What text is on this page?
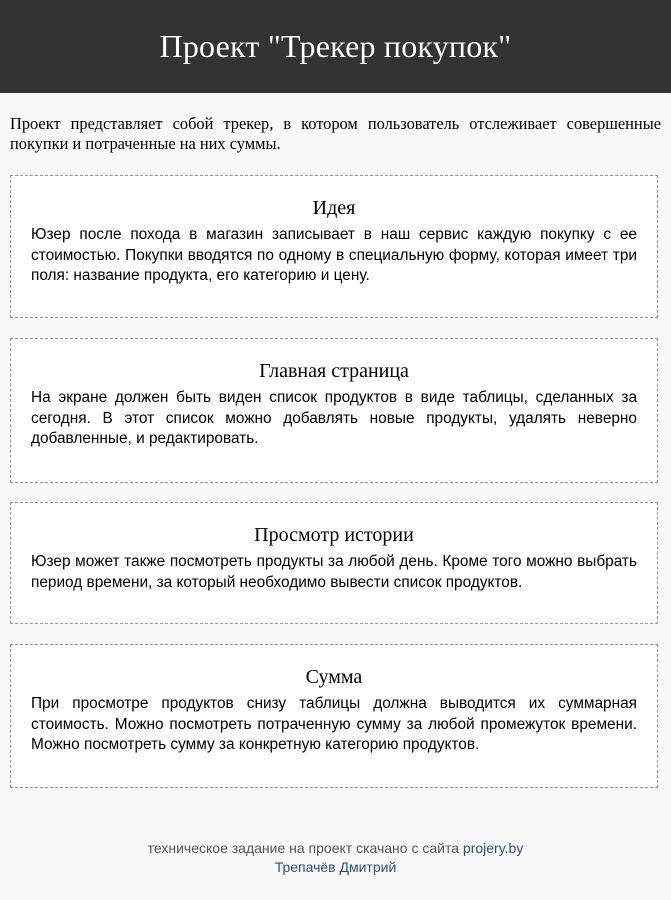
Проект "Трекер покупок"
Проект представляет собой трекер, в котором пользователь отслеживает совершенные покупки и потраченные на них суммы.
Идея

Юзер после похода в магазин записывает в наш сервис каждую покупку с ее стоимостью. Покупки вводятся по одному в специальную форму, которая имеет три поля: название продукта, его категорию и цену.

Главная страница

На экране должен быть виден список продуктов в виде таблицы, сделанных за сегодня. В этот список можно добавлять новые продукты, удалять неверно добавленные, и редактировать.

Просмотр истории

Юзер может также посмотреть продукты за любой день. Кроме того можно выбрать период времени, за который необходимо вывести список продуктов.

Сумма

При просмотре продуктов снизу таблицы должна выводится их суммарная стоимость. Можно посмотреть потраченную сумму за любой промежуток времени. Можно посмотреть сумму за конкретную категорию продуктов.

техническое задание на проект скачано с сайта projery.by
Трепачёв Дмитрий
